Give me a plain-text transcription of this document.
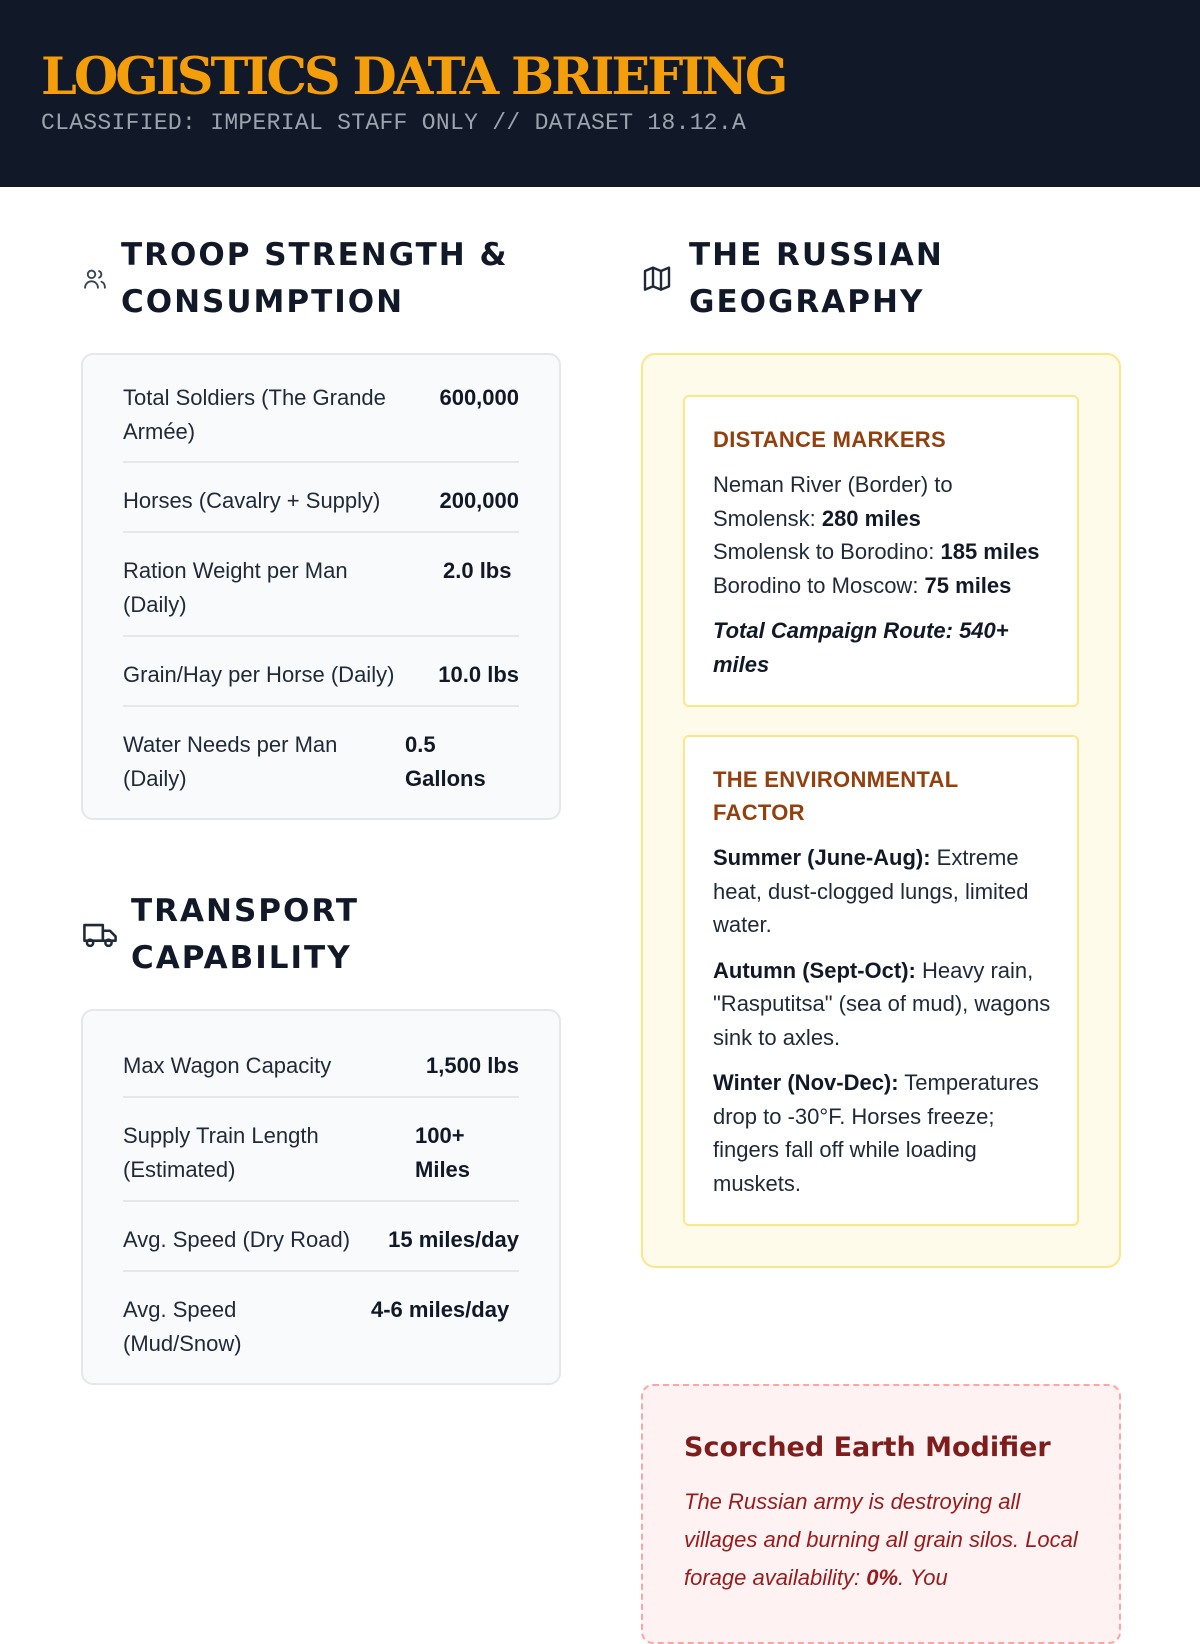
LOGISTICS DATA BRIEFING
CLASSIFIED: IMPERIAL STAFF ONLY // DATASET 18.12.A
TROOP STRENGTH &
CONSUMPTION
Total Soldiers (The Grande Armée)
600,000
Horses (Cavalry + Supply)	200,000
Ration Weight per Man (Daily)
2.0 lbs
Grain/Hay per Horse (Daily) 10.0 lbs
Water Needs per Man (Daily)
0.5 Gallons
TRANSPORT
CAPABILITY
Max Wagon Capacity	1,500 lbs
Supply Train Length (Estimated)
100+ Miles
Avg. Speed (Dry Road) 15 miles/day
Avg. Speed (Mud/Snow)
4-6 miles/day
THE RUSSIAN
GEOGRAPHY
DISTANCE MARKERS
Neman River (Border) to Smolensk: 280 miles
Smolensk to Borodino: 185 miles
Borodino to Moscow: 75 miles
Total Campaign Route: 540+ miles
THE ENVIRONMENTAL FACTOR
Summer (June-Aug): Extreme heat, dust-clogged lungs, limited water.
Autumn (Sept-Oct): Heavy rain, "Rasputitsa" (sea of mud), wagons sink to axles.
Winter (Nov-Dec): Temperatures drop to -30°F. Horses freeze; fingers fall off while loading muskets.
Scorched Earth Modifier
The Russian army is destroying all villages and burning all grain silos. Local forage availability: 0%. You
